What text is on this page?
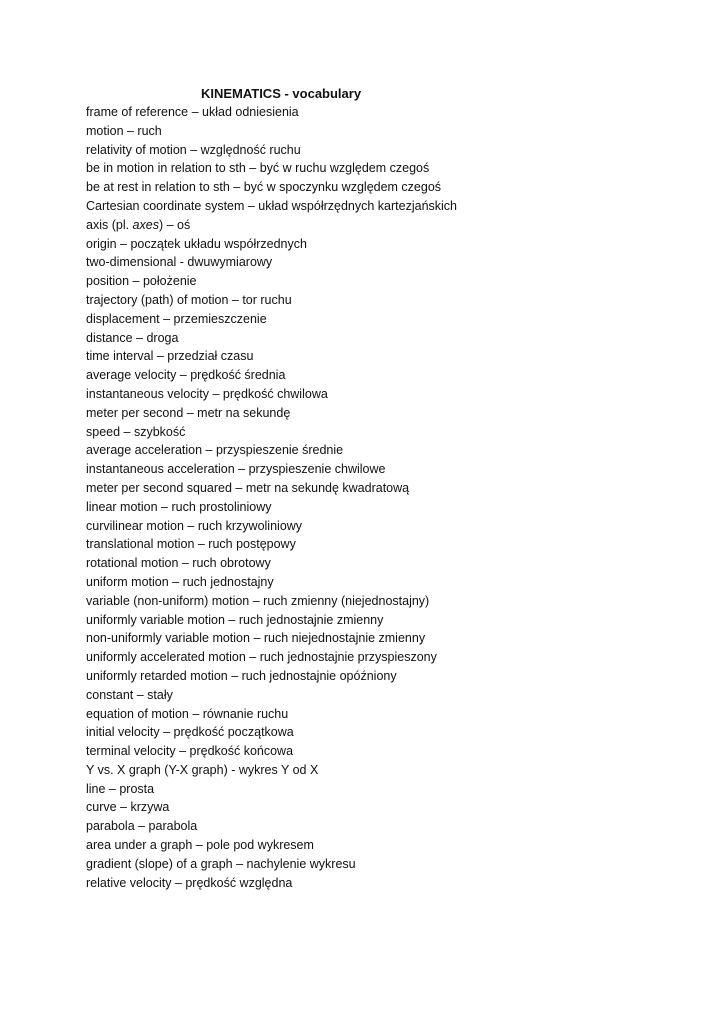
KINEMATICS - vocabulary
frame of reference – układ odniesienia
motion – ruch
relativity of motion – względność ruchu
be in motion in relation to sth – być w ruchu względem czegoś
be at rest in relation to sth – być w spoczynku względem czegoś
Cartesian coordinate system – układ współrzędnych kartezjańskich
axis (pl. axes) – oś
origin – początek układu współrzednych
two-dimensional - dwuwymiarowy
position – położenie
trajectory (path) of motion – tor ruchu
displacement – przemieszczenie
distance – droga
time interval – przedział czasu
average velocity – prędkość średnia
instantaneous velocity – prędkość chwilowa
meter per second – metr na sekundę
speed – szybkość
average acceleration – przyspieszenie średnie
instantaneous acceleration – przyspieszenie chwilowe
meter per second squared – metr na sekundę kwadratową
linear motion – ruch prostoliniowy
curvilinear motion – ruch krzywoliniowy
translational motion – ruch postępowy
rotational motion – ruch obrotowy
uniform motion – ruch jednostajny
variable (non-uniform) motion – ruch zmienny (niejednostajny)
uniformly variable motion – ruch jednostajnie zmienny
non-uniformly variable motion – ruch niejednostajnie zmienny
uniformly accelerated motion – ruch jednostajnie przyspieszony
uniformly retarded motion – ruch jednostajnie opóźniony
constant – stały
equation of motion – równanie ruchu
initial velocity – prędkość początkowa
terminal velocity – prędkość końcowa
Y vs. X graph (Y-X graph) - wykres Y od X
line – prosta
curve – krzywa
parabola – parabola
area under a graph – pole pod wykresem
gradient (slope) of a graph – nachylenie wykresu
relative velocity – prędkość względna
